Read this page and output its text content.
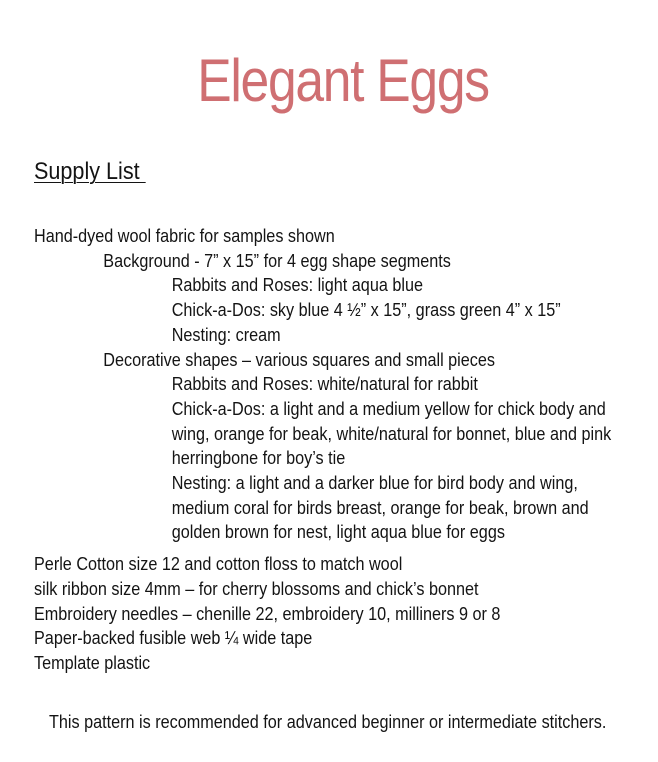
Elegant Eggs
Supply List

Hand-dyed wool fabric for samples shown

Background - 7” x 15” for 4 egg shape segments

Rabbits and Roses: light aqua blue

Chick-a-Dos: sky blue 4 ½” x 15”, grass green 4” x 15”

Nesting: cream

Decorative shapes – various squares and small pieces

Rabbits and Roses: white/natural for rabbit

Chick-a-Dos: a light and a medium yellow for chick body and wing, orange for beak, white/natural for bonnet, blue and pink herringbone for boy’s tie

Nesting: a light and a darker blue for bird body and wing, medium coral for birds breast, orange for beak, brown and golden brown for nest, light aqua blue for eggs

Perle Cotton size 12 and cotton floss to match wool

silk ribbon size 4mm – for cherry blossoms and chick’s bonnet

Embroidery needles – chenille 22, embroidery 10, milliners 9 or 8

Paper-backed fusible web ¼ wide tape

Template plastic

This pattern is recommended for advanced beginner or intermediate stitchers.
